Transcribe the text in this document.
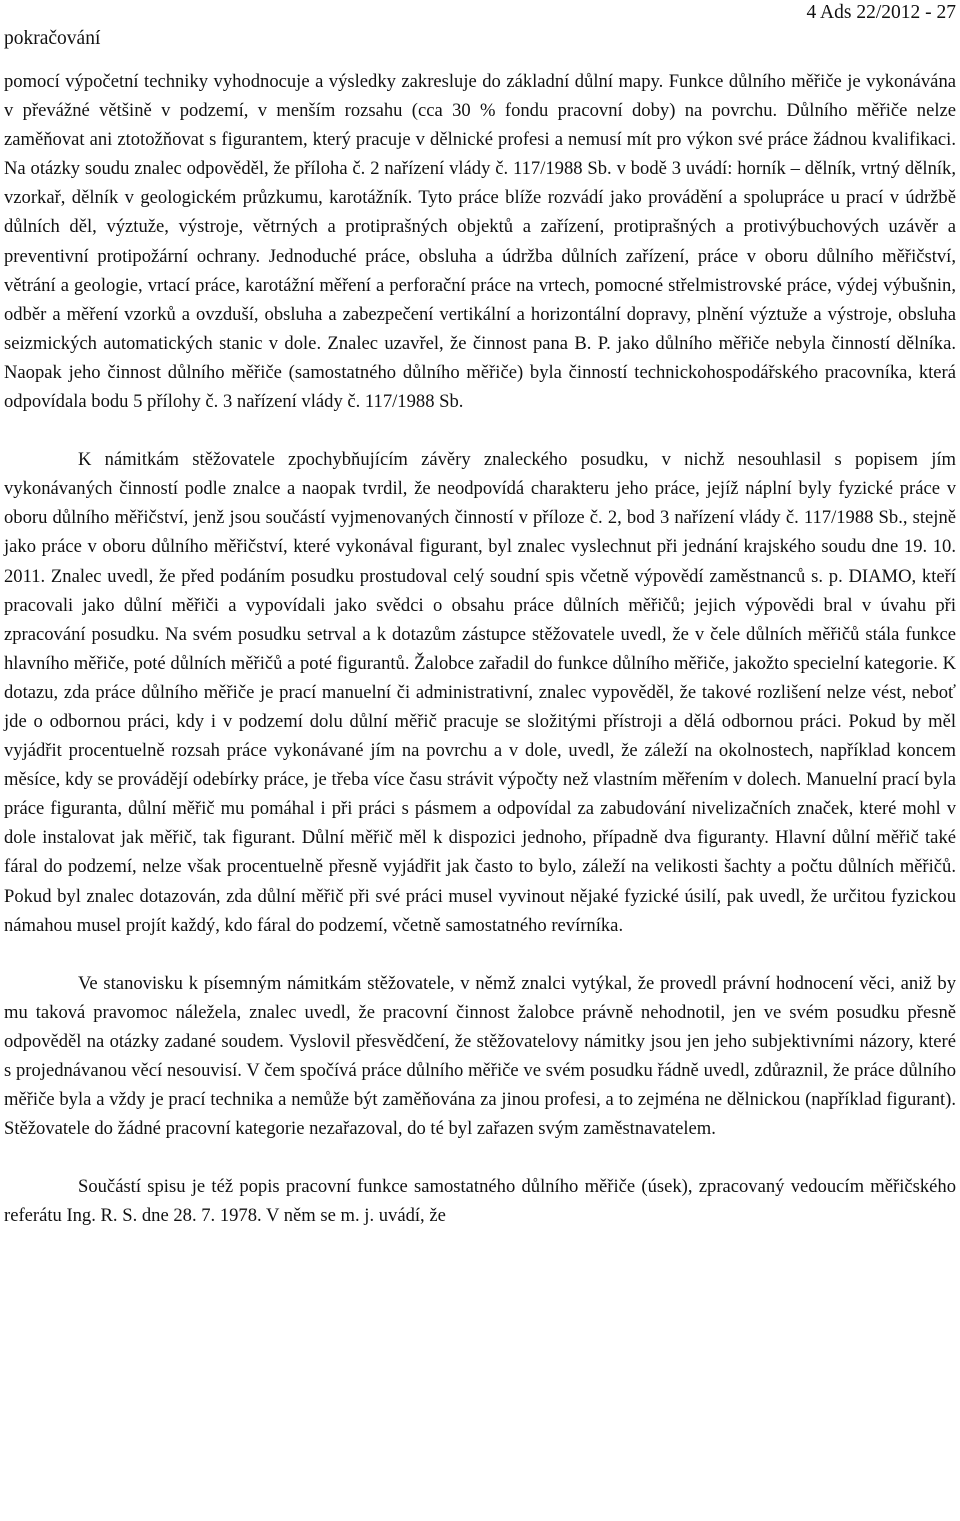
pokračování
4 Ads 22/2012 - 27

pomocí výpočetní techniky vyhodnocuje a výsledky zakresluje do základní důlní mapy. Funkce důlního měřiče je vykonávána v převážné většině v podzemí, v menším rozsahu (cca 30 % fondu pracovní doby) na povrchu. Důlního měřiče nelze zaměňovat ani ztotožňovat s figurantem, který pracuje v dělnické profesi a nemusí mít pro výkon své práce žádnou kvalifikaci. Na otázky soudu znalec odpověděl, že příloha č. 2 nařízení vlády č. 117/1988 Sb. v bodě 3 uvádí: horník – dělník, vrtný dělník, vzorkař, dělník v geologickém průzkumu, karotážník. Tyto práce blíže rozvádí jako provádění a spolupráce u prací v údržbě důlních děl, výztuže, výstroje, větrných a protiprašných objektů a zařízení, protiprašných a protivýbuchových uzávěr a preventivní protipožární ochrany. Jednoduché práce, obsluha a údržba důlních zařízení, práce v oboru důlního měřičství, větrání a geologie, vrtací práce, karotážní měření a perforační práce na vrtech, pomocné střelmistrovské práce, výdej výbušnin, odběr a měření vzorků a ovzduší, obsluha a zabezpečení vertikální a horizontální dopravy, plnění výztuže a výstroje, obsluha seizmických automatických stanic v dole. Znalec uzavřel, že činnost pana B. P. jako důlního měřiče nebyla činností dělníka. Naopak jeho činnost důlního měřiče (samostatného důlního měřiče) byla činností technickohospodářského pracovníka, která odpovídala bodu 5 přílohy č. 3 nařízení vlády č. 117/1988 Sb.

K námitkám stěžovatele zpochybňujícím závěry znaleckého posudku, v nichž nesouhlasil s popisem jím vykonávaných činností podle znalce a naopak tvrdil, že neodpovídá charakteru jeho práce, jejíž náplní byly fyzické práce v oboru důlního měřičství, jenž jsou součástí vyjmenovaných činností v příloze č. 2, bod 3 nařízení vlády č. 117/1988 Sb., stejně jako práce v oboru důlního měřičství, které vykonával figurant, byl znalec vyslechnut při jednání krajského soudu dne 19. 10. 2011. Znalec uvedl, že před podáním posudku prostudoval celý soudní spis včetně výpovědí zaměstnanců s. p. DIAMO, kteří pracovali jako důlní měřiči a vypovídali jako svědci o obsahu práce důlních měřičů; jejich výpovědi bral v úvahu při zpracování posudku. Na svém posudku setrval a k dotazům zástupce stěžovatele uvedl, že v čele důlních měřičů stála funkce hlavního měřiče, poté důlních měřičů a poté figurantů. Žalobce zařadil do funkce důlního měřiče, jakožto specielní kategorie. K dotazu, zda práce důlního měřiče je prací manuelní či administrativní, znalec vypověděl, že takové rozlišení nelze vést, neboť jde o odbornou práci, kdy i v podzemí dolu důlní měřič pracuje se složitými přístroji a dělá odbornou práci. Pokud by měl vyjádřit procentuelně rozsah práce vykonávané jím na povrchu a v dole, uvedl, že záleží na okolnostech, například koncem měsíce, kdy se provádějí odebírky práce, je třeba více času strávit výpočty než vlastním měřením v dolech. Manuelní prací byla práce figuranta, důlní měřič mu pomáhal i při práci s pásmem a odpovídal za zabudování nivelizačních značek, které mohl v dole instalovat jak měřič, tak figurant. Důlní měřič měl k dispozici jednoho, případně dva figuranty. Hlavní důlní měřič také fáral do podzemí, nelze však procentuelně přesně vyjádřit jak často to bylo, záleží na velikosti šachty a počtu důlních měřičů. Pokud byl znalec dotazován, zda důlní měřič při své práci musel vyvinout nějaké fyzické úsilí, pak uvedl, že určitou fyzickou námahou musel projít každý, kdo fáral do podzemí, včetně samostatného revírníka.

Ve stanovisku k písemným námitkám stěžovatele, v němž znalci vytýkal, že provedl právní hodnocení věci, aniž by mu taková pravomoc náležela, znalec uvedl, že pracovní činnost žalobce právně nehodnotil, jen ve svém posudku přesně odpověděl na otázky zadané soudem. Vyslovil přesvědčení, že stěžovatelovy námitky jsou jen jeho subjektivními názory, které s projednávanou věcí nesouvisí. V čem spočívá práce důlního měřiče ve svém posudku řádně uvedl, zdůraznil, že práce důlního měřiče byla a vždy je prací technika a nemůže být zaměňována za jinou profesi, a to zejména ne dělnickou (například figurant). Stěžovatele do žádné pracovní kategorie nezařazoval, do té byl zařazen svým zaměstnavatelem.

Součástí spisu je též popis pracovní funkce samostatného důlního měřiče (úsek), zpracovaný vedoucím měřičského referátu Ing. R. S. dne 28. 7. 1978. V něm se m. j. uvádí, že
